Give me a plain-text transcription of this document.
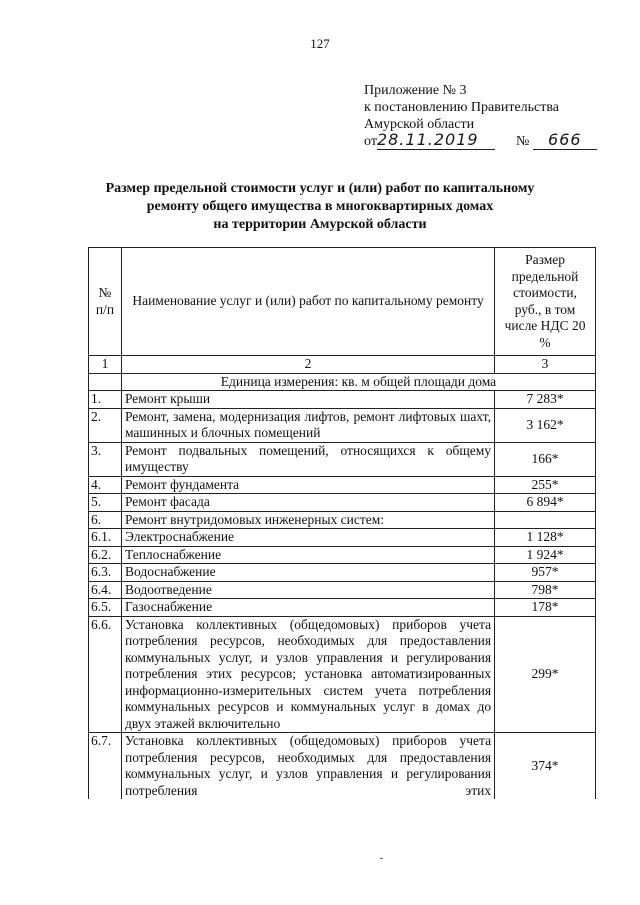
127
Приложение № 3
к постановлению Правительства
Амурской области
от28.11.2019	№ 666
Размер предельной стоимости услуг и (или) работ по капитальному
ремонту общего имущества в многоквартирных домах
на территории Амурской области
№ п/п	Наименование услуг и (или) работ по капитальному ремонту	Размер предельной стоимости, руб., в том числе НДС 20 %
1	2	3
	Единица измерения: кв. м общей площади дома	
1.	Ремонт крыши	7 283*
2.	Ремонт, замена, модернизация лифтов, ремонт лифтовых шахт, машинных и блочных помещений	3 162*
3.	Ремонт подвальных помещений, относящихся к общему имуществу	166*
4.	Ремонт фундамента	255*
5.	Ремонт фасада	6 894*
6.	Ремонт внутридомовых инженерных систем:	
6.1.	Электроснабжение	1 128*
6.2.	Теплоснабжение	1 924*
6.3.	Водоснабжение	957*
6.4.	Водоотведение	798*
6.5.	Газоснабжение	178*
6.6.	Установка коллективных (общедомовых) приборов учета потребления ресурсов, необходимых для предоставления коммунальных услуг, и узлов управления и регулирования потребления этих ресурсов; установка автоматизированных информационно-измерительных систем учета потребления коммунальных ресурсов и коммунальных услуг в домах до двух этажей включительно	299*
6.7.	Установка коллективных (общедомовых) приборов учета потребления ресурсов, необходимых для предоставления коммунальных услуг, и узлов управления и регулирования потребления этих	374*
